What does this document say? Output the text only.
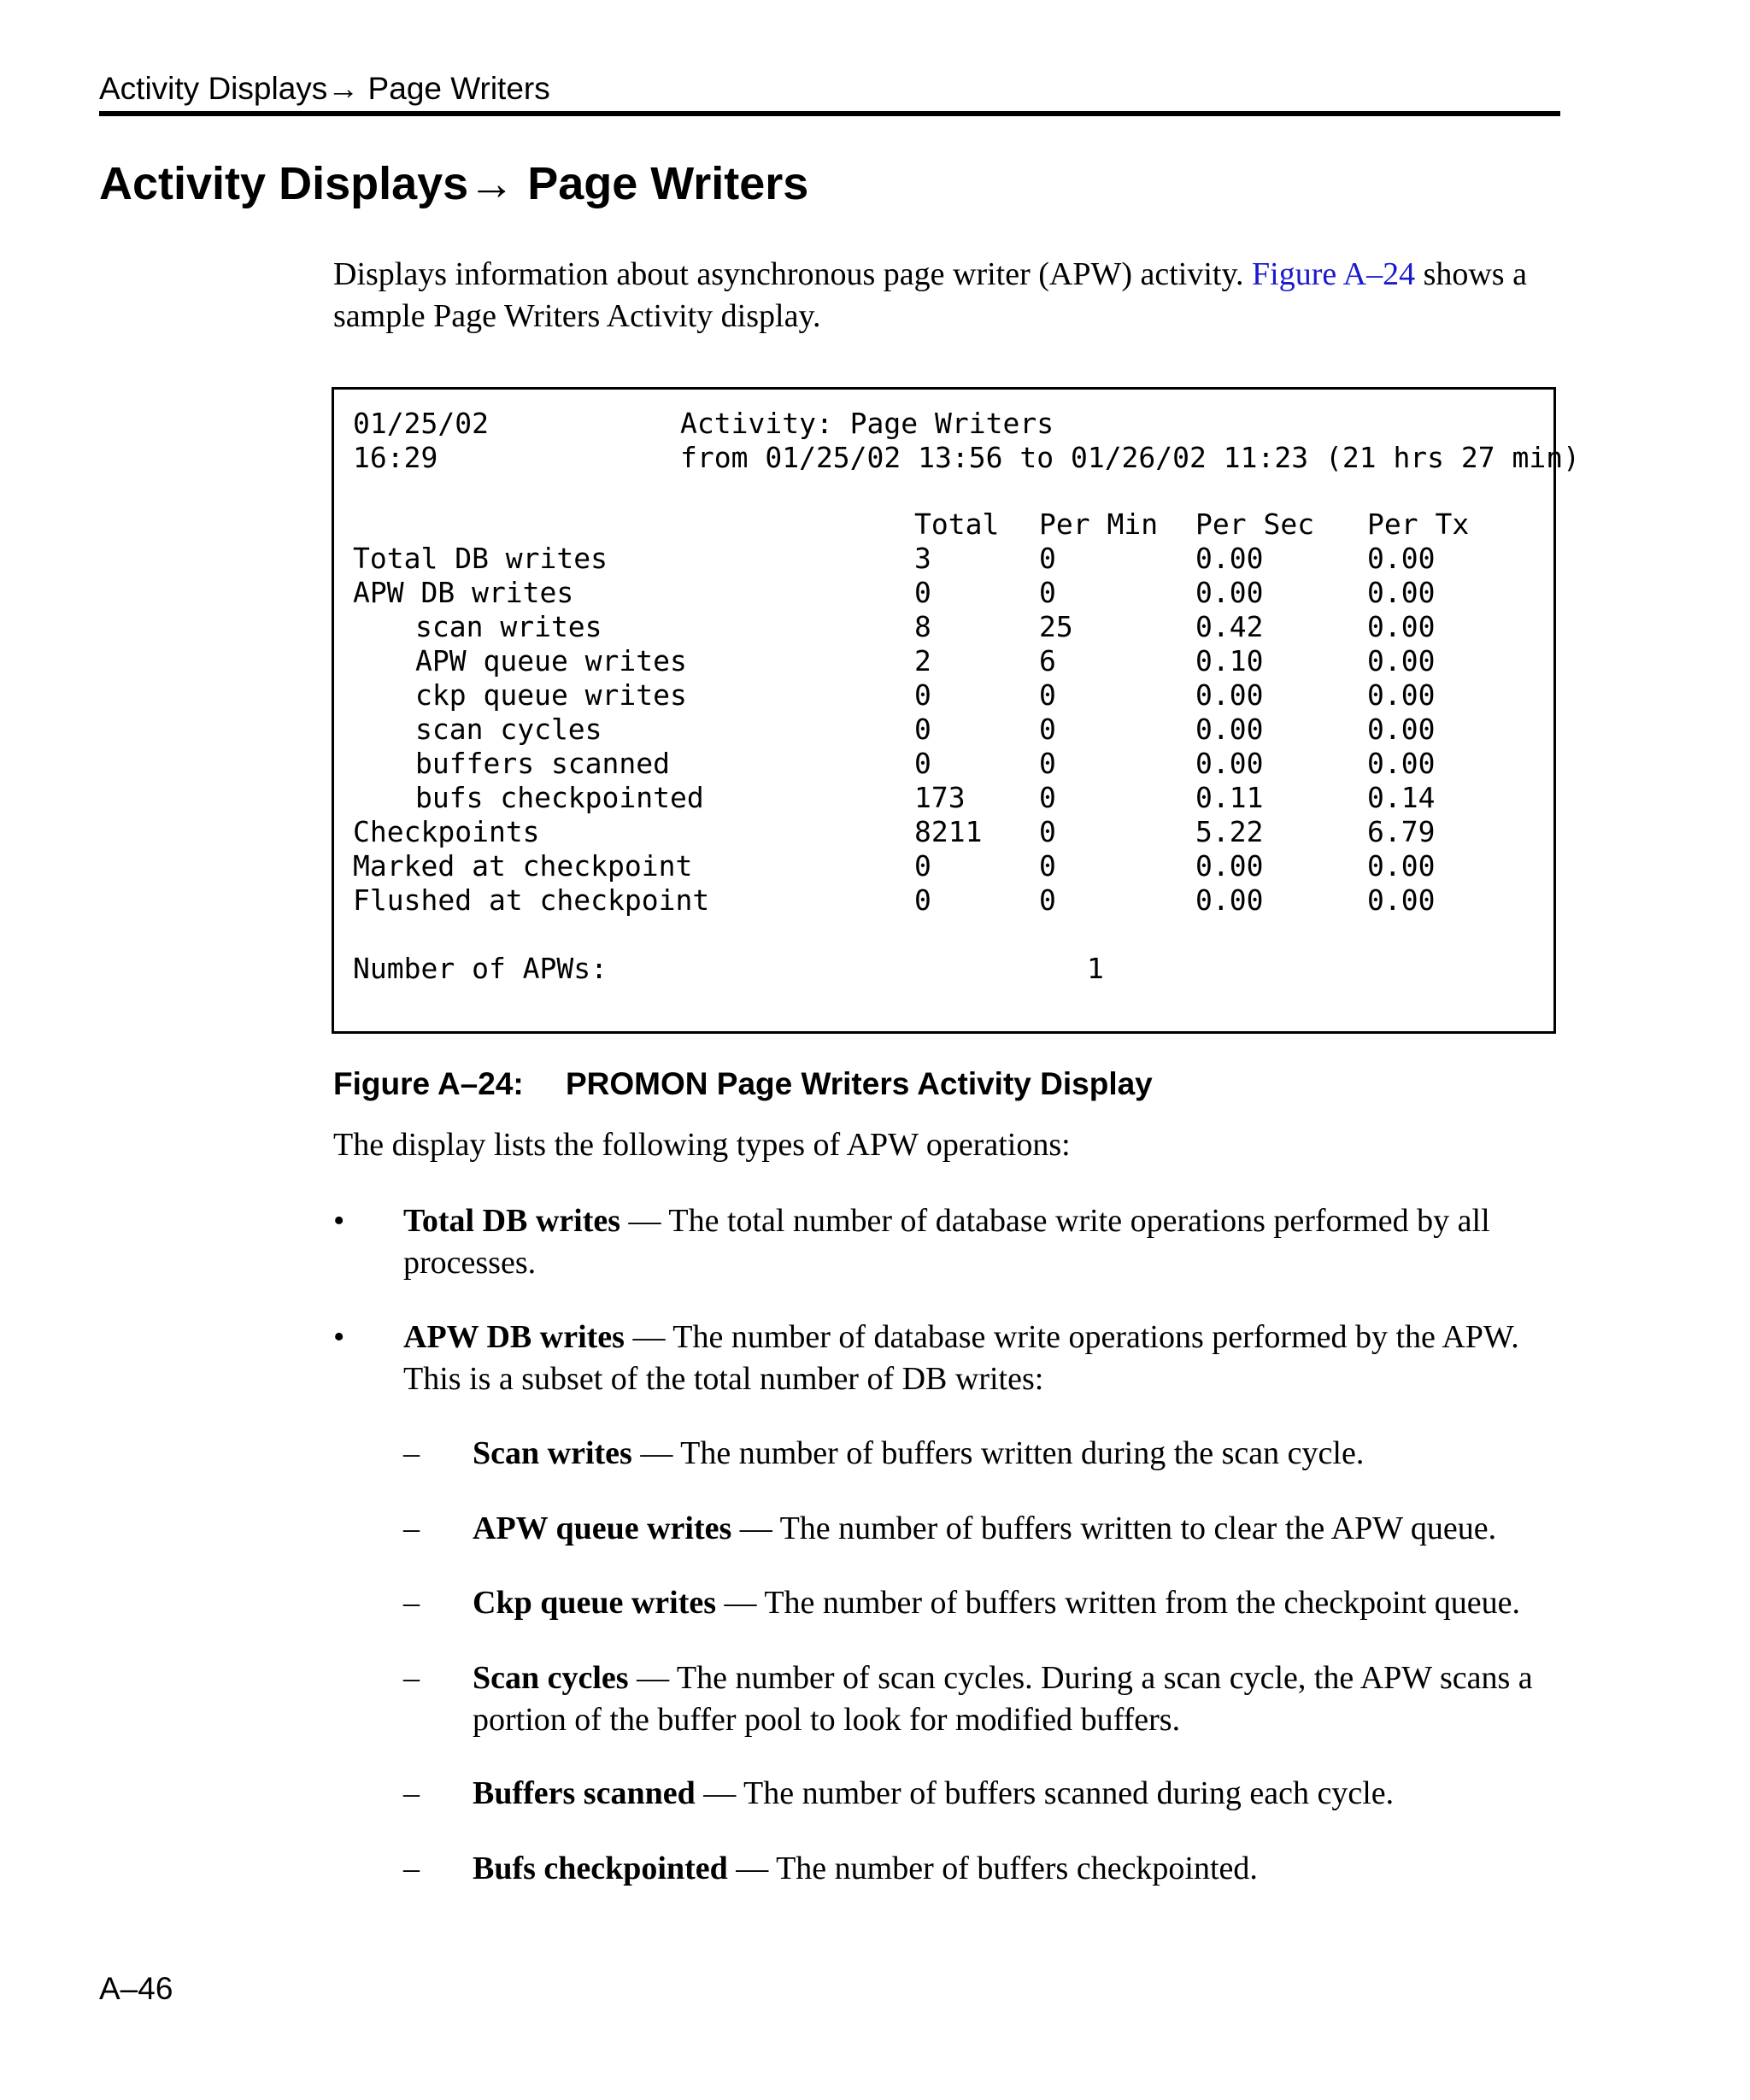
Activity Displays→ Page Writers
Activity Displays→ Page Writers

Displays information about asynchronous page writer (APW) activity. Figure A–24 shows a sample Page Writers Activity display.

01/25/02	Activity: Page Writers
16:29	from 01/25/02 13:56 to 01/26/02 11:23 (21 hrs 27 min)
Total Per Min Per Sec Per Tx
Total DB writes	3	0	0.00	0.00
APW DB writes	0	0	0.00	0.00
scan writes	8	25	0.42	0.00
APW queue writes	2	6	0.10	0.00
ckp queue writes	0	0	0.00	0.00
scan cycles	0	0	0.00	0.00
buffers scanned	0	0	0.00	0.00
bufs checkpointed	173	0	0.11	0.14
Checkpoints	8211 0	5.22	6.79
Marked at checkpoint	0	0	0.00	0.00
Flushed at checkpoint	0	0	0.00	0.00
Number of APWs:	1
Figure A–24: PROMON Page Writers Activity Display

The display lists the following types of APW operations:

• Total DB writes — The total number of database write operations performed by all processes.

• APW DB writes — The number of database write operations performed by the APW. This is a subset of the total number of DB writes:

– Scan writes — The number of buffers written during the scan cycle.

– APW queue writes — The number of buffers written to clear the APW queue.

– Ckp queue writes — The number of buffers written from the checkpoint queue.

– Scan cycles — The number of scan cycles. During a scan cycle, the APW scans a portion of the buffer pool to look for modified buffers.

– Buffers scanned — The number of buffers scanned during each cycle.

– Bufs checkpointed — The number of buffers checkpointed.

A–46
